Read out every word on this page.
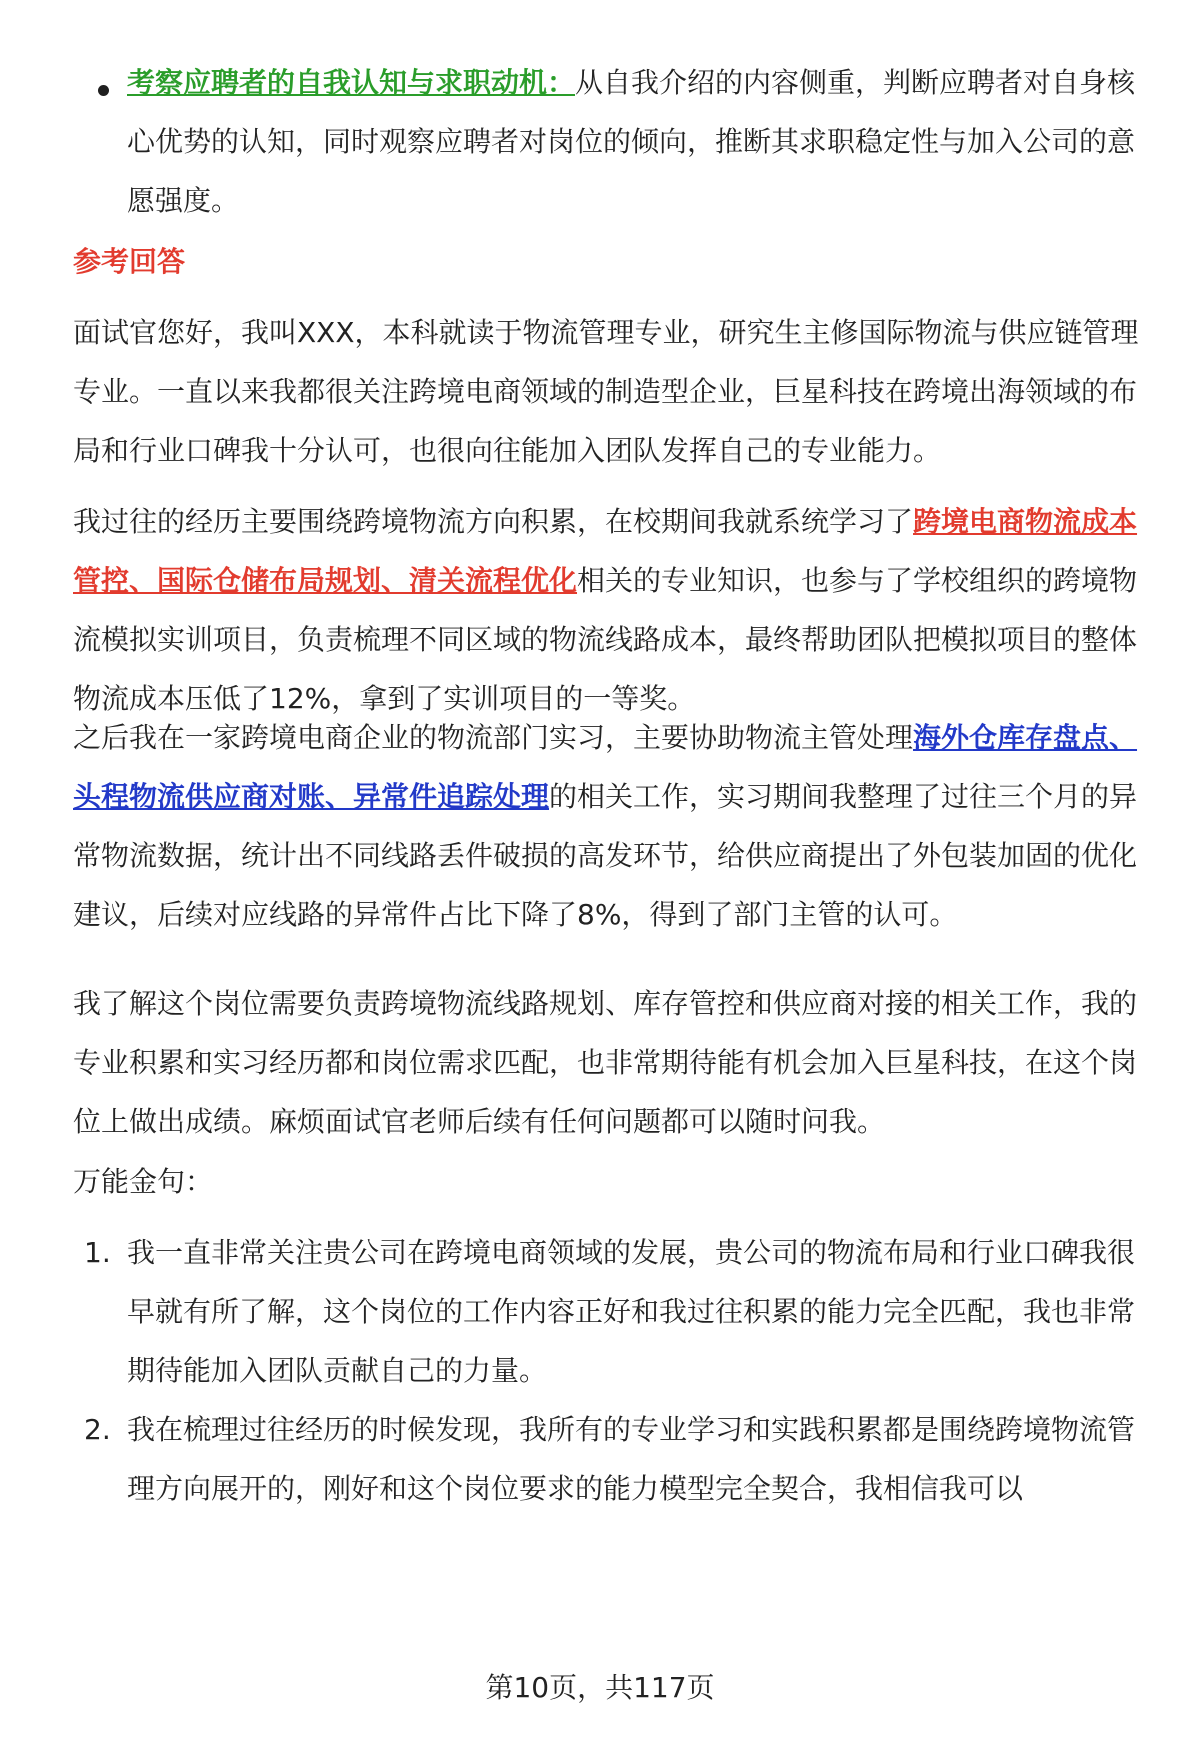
考察应聘者的自我认知与求职动机：从自我介绍的内容侧重，判断应聘者对自身核心优势的认知，同时观察应聘者对岗位的倾向，推断其求职稳定性与加入公司的意愿强度。

参考回答

面试官您好，我叫XXX，本科就读于物流管理专业，研究生主修国际物流与供应链管理专业。一直以来我都很关注跨境电商领域的制造型企业，巨星科技在跨境出海领域的布局和行业口碑我十分认可，也很向往能加入团队发挥自己的专业能力。

我过往的经历主要围绕跨境物流方向积累，在校期间我就系统学习了跨境电商物流成本管控、国际仓储布局规划、清关流程优化相关的专业知识，也参与了学校组织的跨境物流模拟实训项目，负责梳理不同区域的物流线路成本，最终帮助团队把模拟项目的整体物流成本压低了12%，拿到了实训项目的一等奖。

之后我在一家跨境电商企业的物流部门实习，主要协助物流主管处理海外仓库存盘点、头程物流供应商对账、异常件追踪处理的相关工作，实习期间我整理了过往三个月的异常物流数据，统计出不同线路丢件破损的高发环节，给供应商提出了外包装加固的优化建议，后续对应线路的异常件占比下降了8%，得到了部门主管的认可。

我了解这个岗位需要负责跨境物流线路规划、库存管控和供应商对接的相关工作，我的专业积累和实习经历都和岗位需求匹配，也非常期待能有机会加入巨星科技，在这个岗位上做出成绩。麻烦面试官老师后续有任何问题都可以随时问我。

万能金句：

1. 我一直非常关注贵公司在跨境电商领域的发展，贵公司的物流布局和行业口碑我很早就有所了解，这个岗位的工作内容正好和我过往积累的能力完全匹配，我也非常期待能加入团队贡献自己的力量。

2. 我在梳理过往经历的时候发现，我所有的专业学习和实践积累都是围绕跨境物流管理方向展开的，刚好和这个岗位要求的能力模型完全契合，我相信我可以

第10页，共117页
